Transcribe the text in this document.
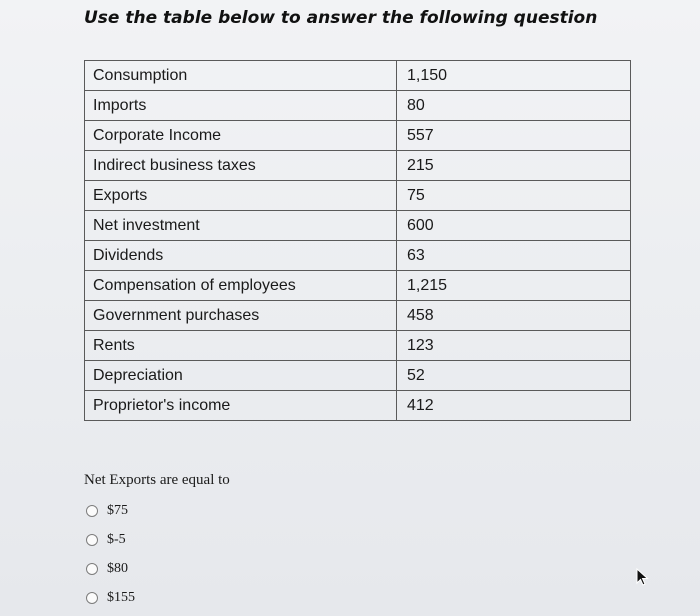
Use the table below to answer the following question
Consumption	1,150
Imports	80
Corporate Income	557
Indirect business taxes	215
Exports	75
Net investment	600
Dividends	63
Compensation of employees	1,215
Government purchases	458
Rents	123
Depreciation	52
Proprietor's income	412
Net Exports are equal to
$75
$-5
$80
$155
